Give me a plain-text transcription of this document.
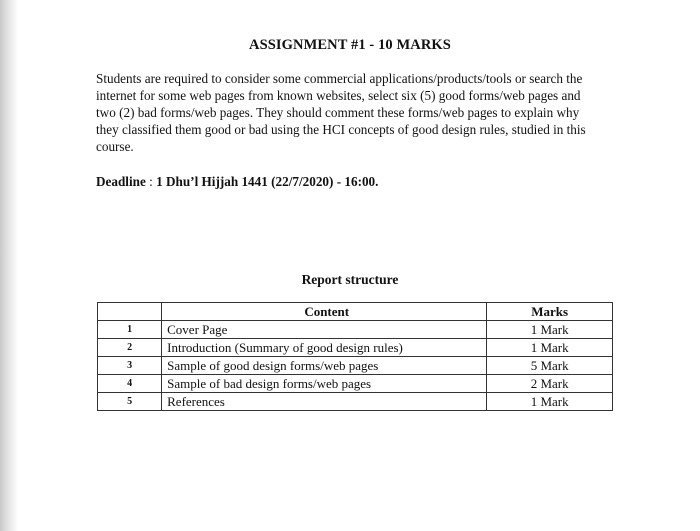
ASSIGNMENT #1 - 10 MARKS
Students are required to consider some commercial applications/products/tools or search the internet for some web pages from known websites, select six (5) good forms/web pages and two (2) bad forms/web pages. They should comment these forms/web pages to explain why they classified them good or bad using the HCI concepts of good design rules, studied in this course.
Deadline : 1 Dhu’l Hijjah 1441 (22/7/2020) - 16:00.
Report structure
	Content	Marks
1	Cover Page	1 Mark
2	Introduction (Summary of good design rules)	1 Mark
3	Sample of good design forms/web pages	5 Mark
4	Sample of bad design forms/web pages	2 Mark
5	References	1 Mark
